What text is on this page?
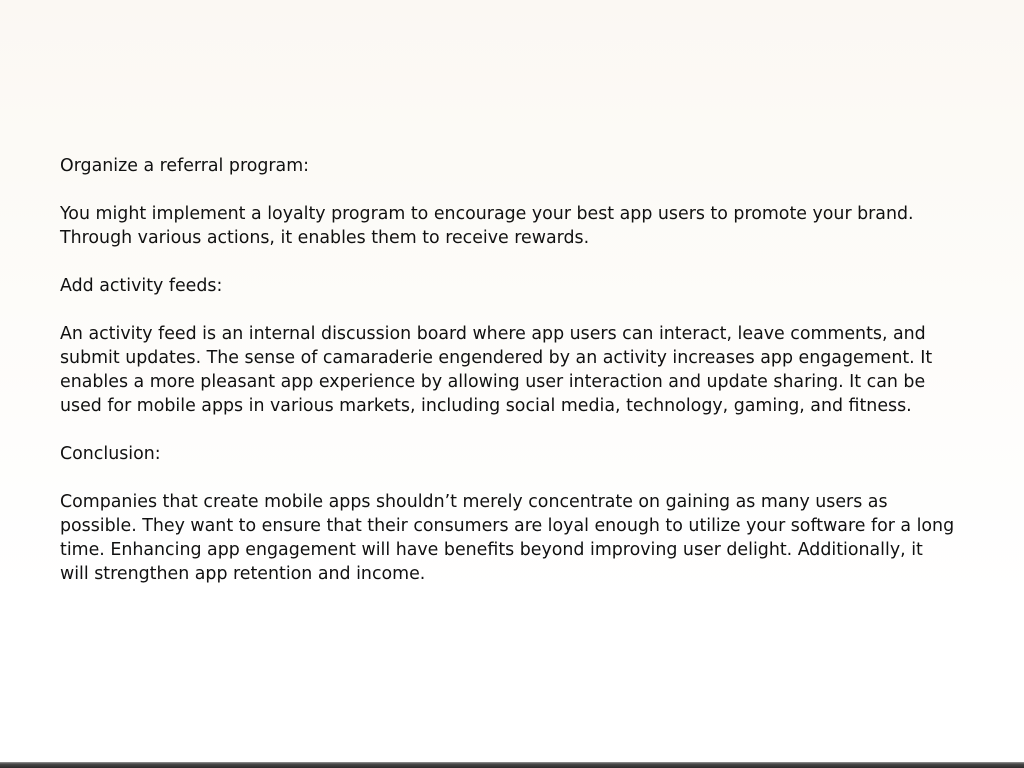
Organize a referral program:
You might implement a loyalty program to encourage your best app users to promote your brand.
Through various actions, it enables them to receive rewards.
Add activity feeds:
An activity feed is an internal discussion board where app users can interact, leave comments, and
submit updates. The sense of camaraderie engendered by an activity increases app engagement. It
enables a more pleasant app experience by allowing user interaction and update sharing. It can be
used for mobile apps in various markets, including social media, technology, gaming, and fitness.
Conclusion:
Companies that create mobile apps shouldn’t merely concentrate on gaining as many users as
possible. They want to ensure that their consumers are loyal enough to utilize your software for a long
time. Enhancing app engagement will have benefits beyond improving user delight. Additionally, it
will strengthen app retention and income.
